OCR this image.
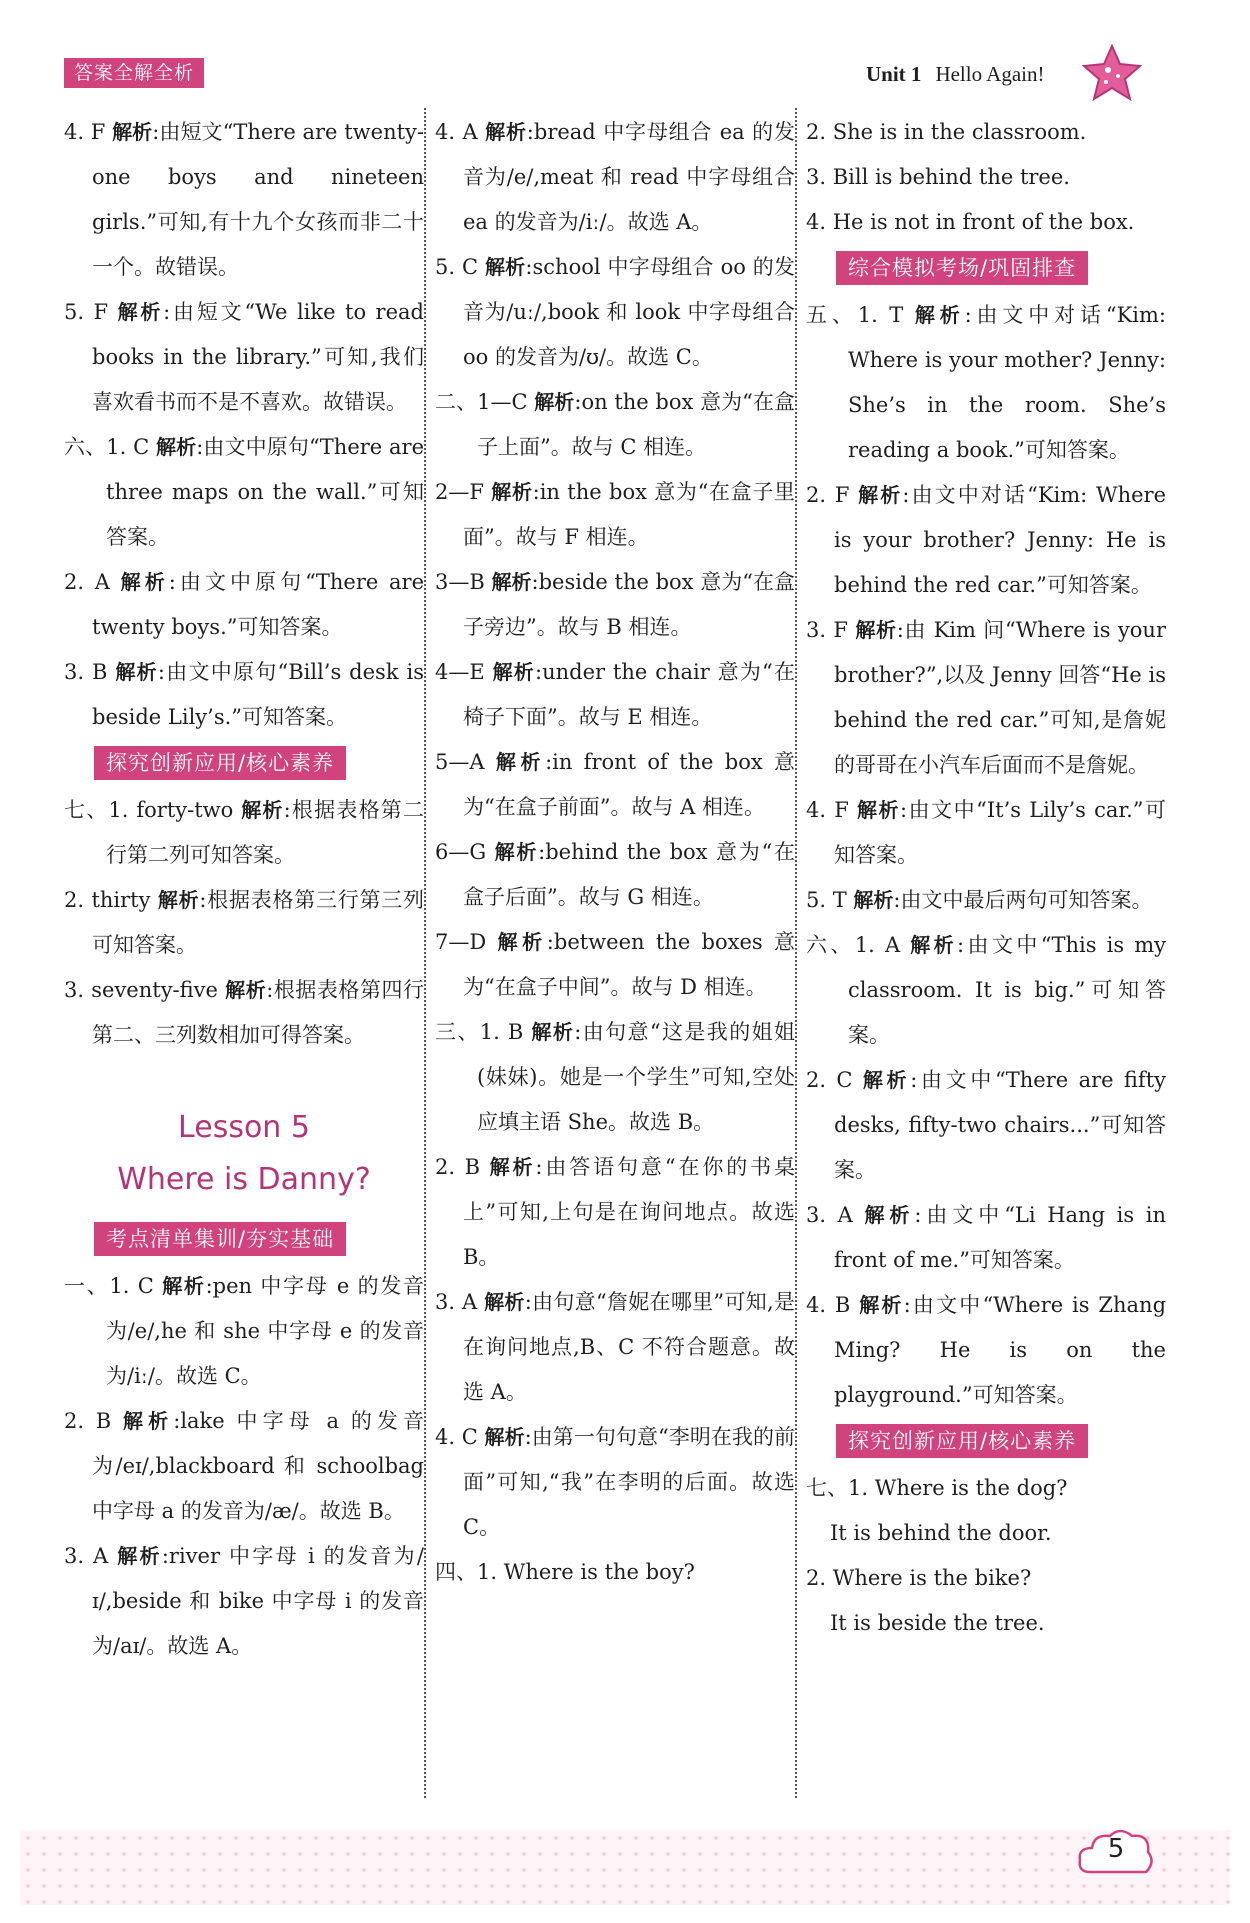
答案全解全析	Unit 1 Hello Again!

4. F 解析:由短文“There are twenty-one boys and nineteen girls.”可知,有十九个女孩而非二十一个。故错误。

5. F 解析:由短文“We like to read books in the library.”可知,我们喜欢看书而不是不喜欢。故错误。

六、1. C 解析:由文中原句“There are three maps on the wall.”可知答案。

2. A 解析:由文中原句“There are twenty boys.”可知答案。

3. B 解析:由文中原句“Bill’s desk is beside Lily’s.”可知答案。

探究创新应用/核心素养

七、1. forty-two 解析:根据表格第二行第二列可知答案。

2. thirty 解析:根据表格第三行第三列可知答案。

3. seventy-five 解析:根据表格第四行第二、三列数相加可得答案。

Lesson 5
Where is Danny?
考点清单集训/夯实基础

一、1. C 解析:pen 中字母 e 的发音为/e/,he 和 she 中字母 e 的发音为/iː/。故选 C。

2. B 解析:lake 中字母 a 的发音为/eɪ/,blackboard 和 schoolbag 中字母 a 的发音为/æ/。故选 B。

3. A 解析:river 中字母 i 的发音为/ɪ/,beside 和 bike 中字母 i 的发音为/aɪ/。故选 A。

4. A 解析:bread 中字母组合 ea 的发音为/e/,meat 和 read 中字母组合 ea 的发音为/iː/。故选 A。

5. C 解析:school 中字母组合 oo 的发音为/uː/,book 和 look 中字母组合 oo 的发音为/ʊ/。故选 C。

二、1—C 解析:on the box 意为“在盒子上面”。故与 C 相连。

2—F 解析:in the box 意为“在盒子里面”。故与 F 相连。

3—B 解析:beside the box 意为“在盒子旁边”。故与 B 相连。

4—E 解析:under the chair 意为“在椅子下面”。故与 E 相连。

5—A 解析:in front of the box 意为“在盒子前面”。故与 A 相连。

6—G 解析:behind the box 意为“在盒子后面”。故与 G 相连。

7—D 解析:between the boxes 意为“在盒子中间”。故与 D 相连。

三、1. B 解析:由句意“这是我的姐姐(妹妹)。她是一个学生”可知,空处应填主语 She。故选 B。

2. B 解析:由答语句意“在你的书桌上”可知,上句是在询问地点。故选 B。

3. A 解析:由句意“詹妮在哪里”可知,是在询问地点,B、C 不符合题意。故选 A。

4. C 解析:由第一句句意“李明在我的前面”可知,“我”在李明的后面。故选 C。

四、1. Where is the boy?

2. She is in the classroom.

3. Bill is behind the tree.

4. He is not in front of the box.

综合模拟考场/巩固排查

五、1. T 解析:由文中对话“Kim: Where is your mother? Jenny: She’s in the room. She’s reading a book.”可知答案。

2. F 解析:由文中对话“Kim: Where is your brother? Jenny: He is behind the red car.”可知答案。

3. F 解析:由 Kim 问“Where is your brother?”,以及 Jenny 回答“He is behind the red car.”可知,是詹妮的哥哥在小汽车后面而不是詹妮。

4. F 解析:由文中“It’s Lily’s car.”可知答案。

5. T 解析:由文中最后两句可知答案。

六、1. A 解析:由文中“This is my classroom. It is big.”可知答案。

2. C 解析:由文中“There are fifty desks, fifty-two chairs...”可知答案。

3. A 解析:由文中“Li Hang is in front of me.”可知答案。

4. B 解析:由文中“Where is Zhang Ming? He is on the playground.”可知答案。

探究创新应用/核心素养

七、1. Where is the dog?

It is behind the door.

2. Where is the bike?

It is beside the tree.

5
